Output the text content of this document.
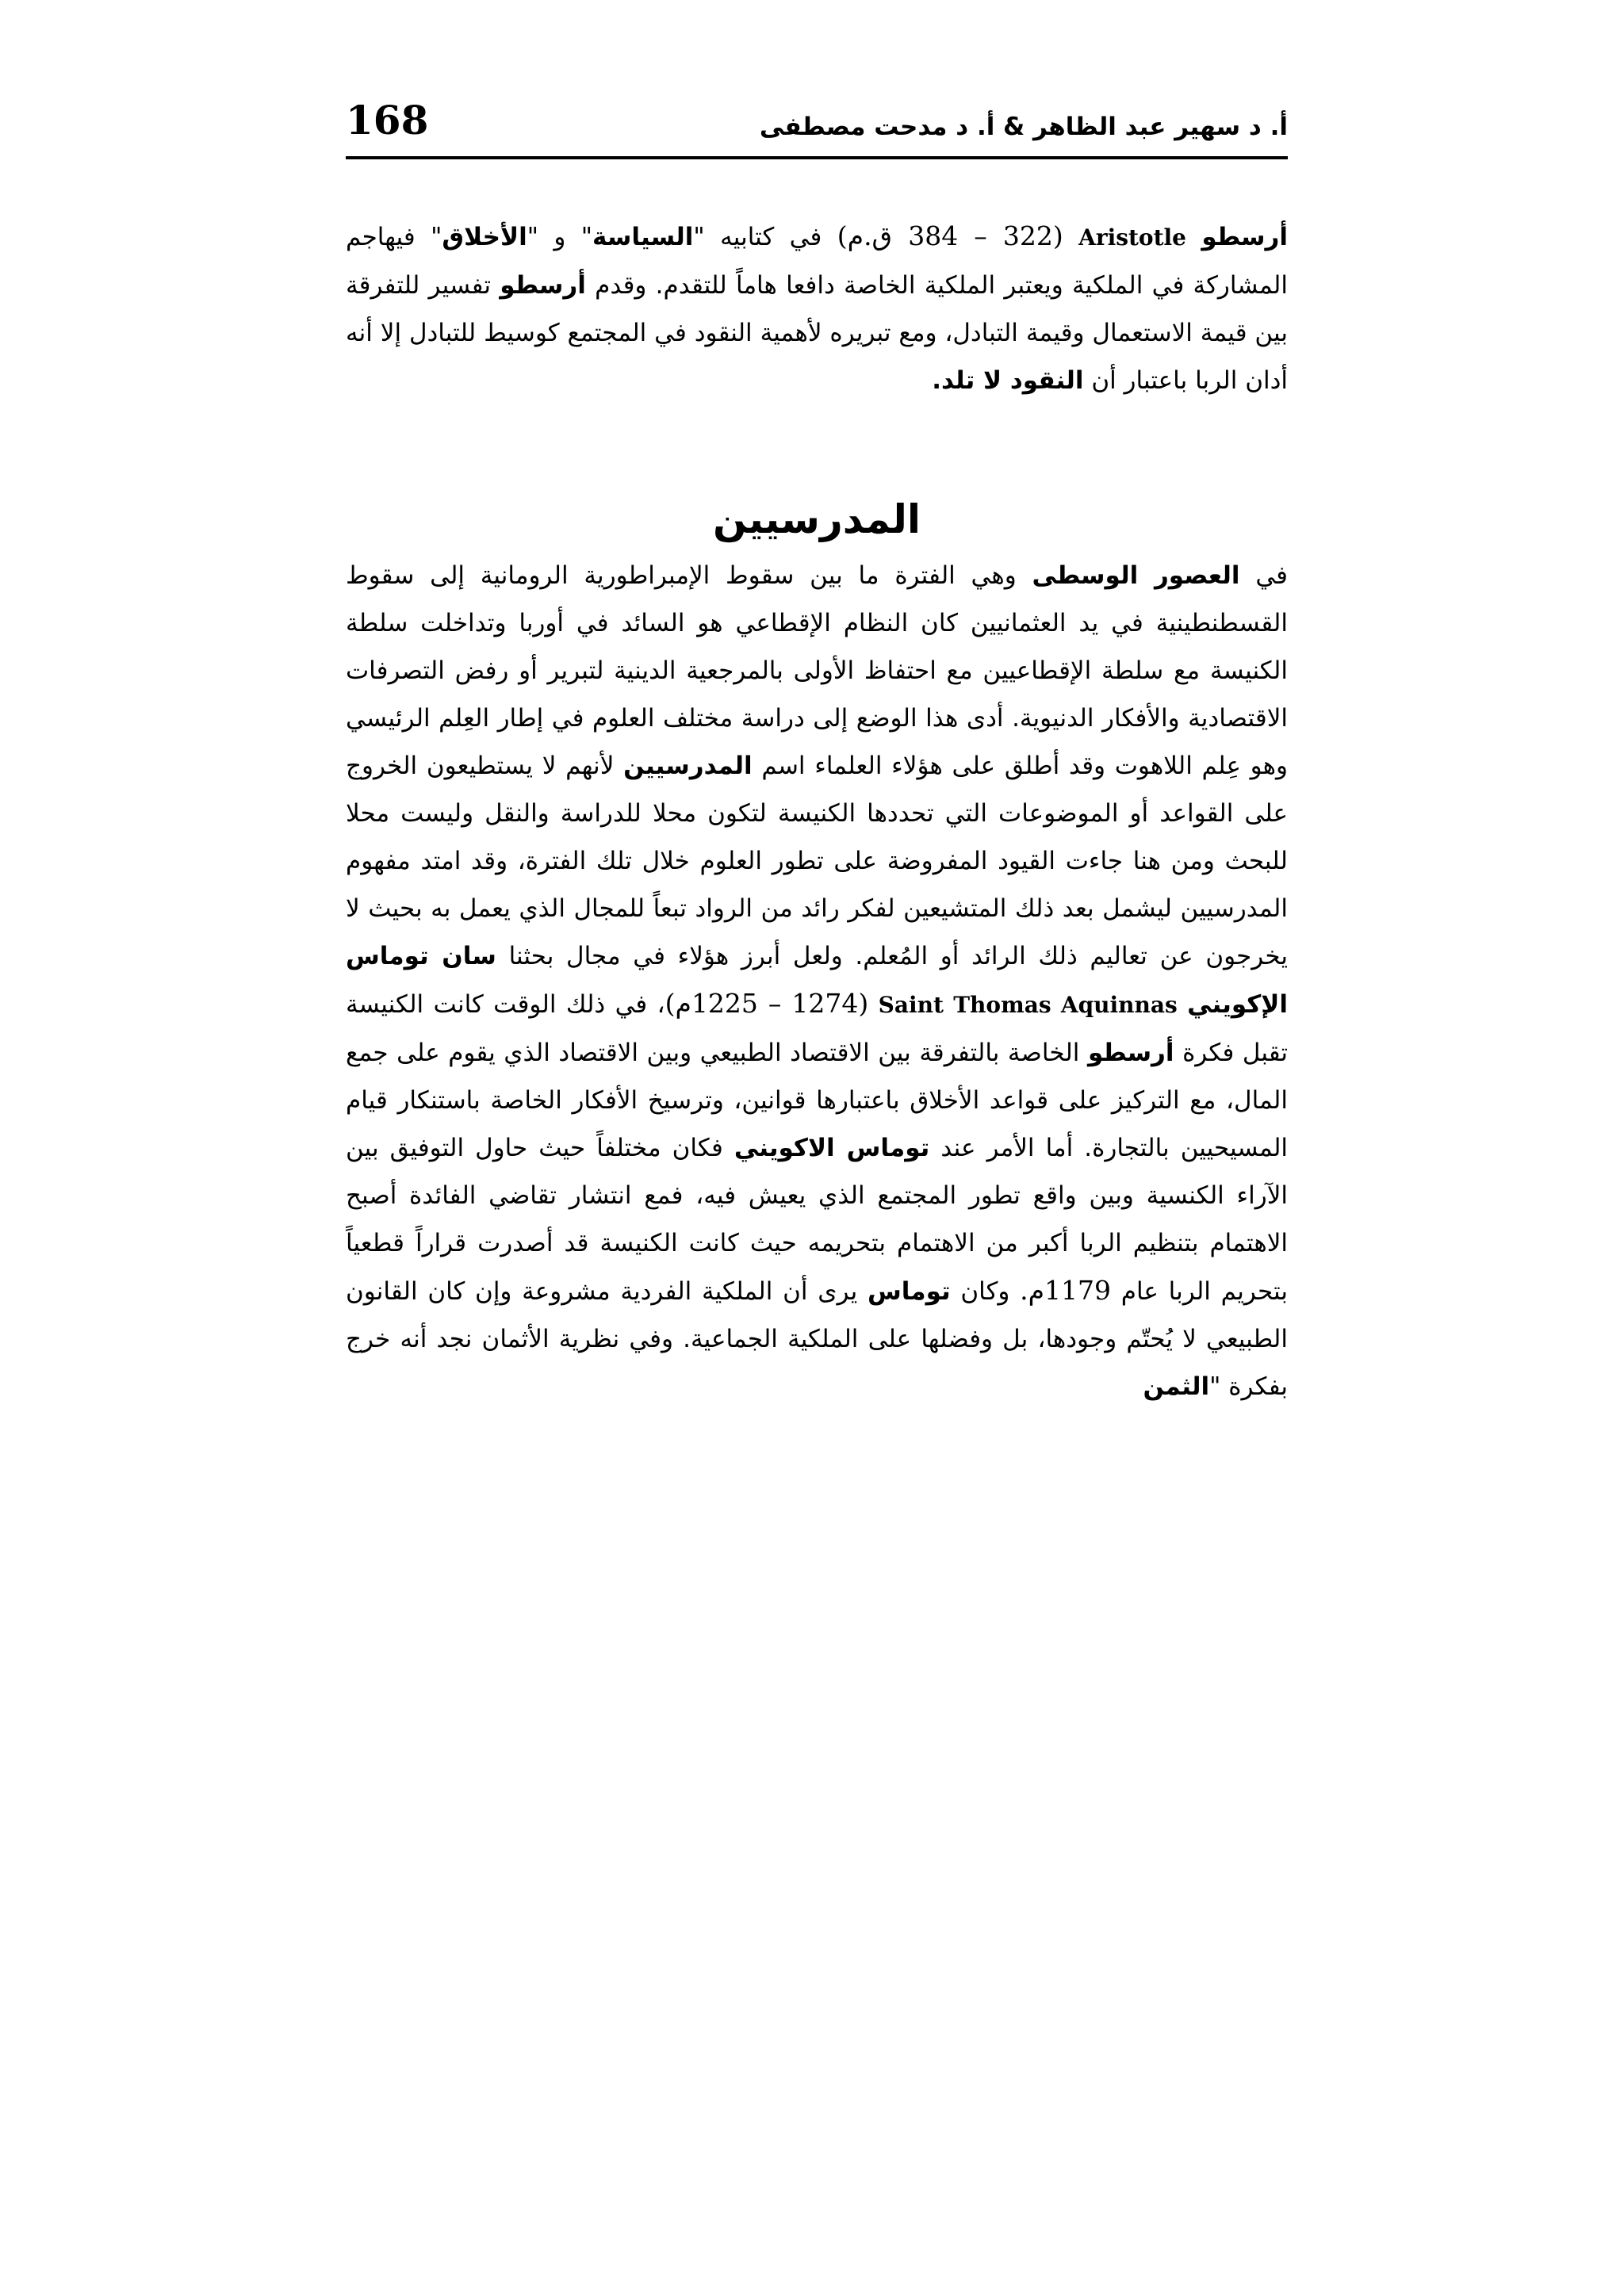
168	أ. د سهير عبد الظاهر & أ. د مدحت مصطفى

أرسطو Aristotle (384 – 322 ق.م) في كتابيه "السياسة" و "الأخلاق" فيهاجم المشاركة في الملكية ويعتبر الملكية الخاصة دافعا هاماً للتقدم. وقدم أرسطو تفسير للتفرقة بين قيمة الاستعمال وقيمة التبادل، ومع تبريره لأهمية النقود في المجتمع كوسيط للتبادل إلا أنه أدان الربا باعتبار أن النقود لا تلد.

المدرسيين

في العصور الوسطى وهي الفترة ما بين سقوط الإمبراطورية الرومانية إلى سقوط القسطنطينية في يد العثمانيين كان النظام الإقطاعي هو السائد في أوربا وتداخلت سلطة الكنيسة مع سلطة الإقطاعيين مع احتفاظ الأولى بالمرجعية الدينية لتبرير أو رفض التصرفات الاقتصادية والأفكار الدنيوية. أدى هذا الوضع إلى دراسة مختلف العلوم في إطار العِلم الرئيسي وهو عِلم اللاهوت وقد أطلق على هؤلاء العلماء اسم المدرسيين لأنهم لا يستطيعون الخروج على القواعد أو الموضوعات التي تحددها الكنيسة لتكون محلا للدراسة والنقل وليست محلا للبحث ومن هنا جاءت القيود المفروضة على تطور العلوم خلال تلك الفترة، وقد امتد مفهوم المدرسيين ليشمل بعد ذلك المتشيعين لفكر رائد من الرواد تبعاً للمجال الذي يعمل به بحيث لا يخرجون عن تعاليم ذلك الرائد أو المُعلم. ولعل أبرز هؤلاء في مجال بحثنا سان توماس الإكويني Saint Thomas Aquinnas (1225 – 1274م)، في ذلك الوقت كانت الكنيسة تقبل فكرة أرسطو الخاصة بالتفرقة بين الاقتصاد الطبيعي وبين الاقتصاد الذي يقوم على جمع المال، مع التركيز على قواعد الأخلاق باعتبارها قوانين، وترسيخ الأفكار الخاصة باستنكار قيام المسيحيين بالتجارة. أما الأمر عند توماس الاكويني فكان مختلفاً حيث حاول التوفيق بين الآراء الكنسية وبين واقع تطور المجتمع الذي يعيش فيه، فمع انتشار تقاضي الفائدة أصبح الاهتمام بتنظيم الربا أكبر من الاهتمام بتحريمه حيث كانت الكنيسة قد أصدرت قراراً قطعياً بتحريم الربا عام 1179م. وكان توماس يرى أن الملكية الفردية مشروعة وإن كان القانون الطبيعي لا يُحتّم وجودها، بل وفضلها على الملكية الجماعية. وفي نظرية الأثمان نجد أنه خرج بفكرة "الثمن
